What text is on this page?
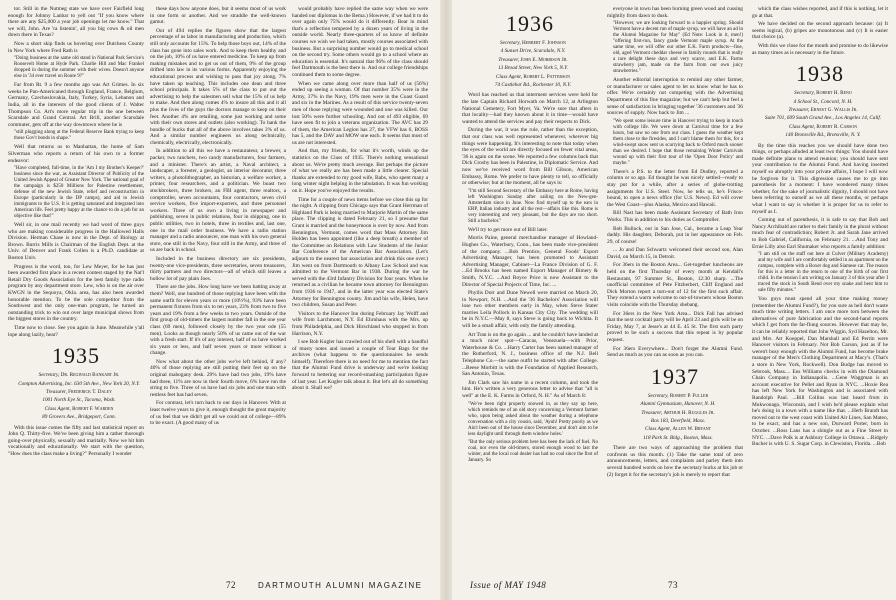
tor. Still in the Nutmeg state we have over Fairfield long enough for Johnny Lanbar to yell out "If you know where there are any $25,000 a year job openings let me know." That we will, John. Are 'ra listenin', all you big cows & oil men down there in Texas?

Now a short skip finds us hovering over Dutchess County in New York where Fred Rath is

"Doing business at the same old stand in National Park Service's Roosevelt Home at Hyde Park. Charlie Hill and Mac Frankel dropped in during the summer with their wives. Doesn't anyone else in '34 ever travel on Route 9?"

Far from Rt. 9 a few months ago was Art Grimes. In six weeks he Pan-Americaned through England, France, Belgium, Germany, Czechoslovakia, Italy, Turkey, Syria, Lebanon and India, all in the interests of the good clients of J. Walter Thompson Co. Art's more regular trip in the one between Scarsdale and Grand Central. Art Brill, another Scarsdale commuter, gets off at the way downtown where he is

"still plugging along at the Federal Reserve Bank trying to keep those Gov't bonds in shape."

Well that returns us to Manhattan, the home of Sam Silverman who reports a return of his own to a former endeavor:

"Have completed, full-time, in the 'Am I my Brother's Keeper?' business since the war, as Assistant Director of Publicity of the United Jewish Appeal of Greater New York. The national goal of the campaign is $250 Millions for Palestine resettlement, defense of the new Jewish State, relief and reconstruction in Europe (particularly in the DP camps), and aid to Jewish immigrants to the U.S. It is getting saturated and integrated into American life. Feel pretty happy at the chance to do a job for an objective like that!"

Well sir, in one mail recently we had word of three guys who are making considerable progress in the Hallowed Halls Division. Herman Chase is now in the Dept. of Biology at Brown. Burris Mills is Chairman of the English Dept. at the Univ. of Denver and Frank Collen is a Ph.D. candidate at Boston Univ.

Progress is the word, too, for Lew Meyer, for he has just been awarded first place in a recent contest staged by the Nat'l Retail Dry Goods Association for the best family type radio program by any department store. Lew, who is on the air over KWGN in the Sequoya, Okla. area, has also been awarded honorable mention. To be the sole competitor from the Southwest and the only one-man program, he turned an outstanding trick to win out over large municipal shows from the biggest stores in the country.

Time now to close. See you again in June. Meanwhile y'all lope along lazily, hear?

1935

Secretary, Dr. Reginald Bankart Jr.

Compton Advertising, Inc. 630 5th Ave., New York 20, N.Y.

Treasurer, Frederick T. Daley

1001 North Eye St., Tacoma, Wash.

Class Agent, Robert F. Warden

89 Grovers Ave., Bridgeport, Conn.

With this issue comes the fifty and last statistical report on John Q. Thirty-five. We've been giving him a rather thorough going-over physically, sexually and maritally. Now we hit him vocationally and educationally. We start with the question, "How does the class make a living?" Personally I wonder

these days how anyone does, but it seems most of us work in one form or another. And we straddle the well-known gamut.

Out of 494 replies the figures show that the largest percentage of us labor in manufacturing and production, which still only accounts for 15%. To help those boys out, 14% of the class has gone into sales work. And to keep them healthy and on the job, 10% of us have entered medicine. To keep up from making mistakes and to get us out of them, 9% of the group drifted into law in its various forms. Apparently enjoying the educational process and wishing to pass that joy along, 7% have taken up teaching. This includes one dean and three school principals. It takes 5% of the class to put out the advertising to help the salesmen sell what the 15% of us help to make. And then along comes 4% to insure all this and it all plus the lives of the guys the doctors manage to keep on their feet. Another 4% are retailing, some just working and some with their own stores and outlets (also working). To bank the bundle of bucks that all of the above involves takes 3% of us. And a similar number engineers us along technically, chemically, electrically, electronically.

In addition to all this we have a restaurateur, a brewer, a packer, two ranchers, two candy manufacturers, four farmers, and a minister. There's an artist, a Naval architect, a landscaper, a forester, a geologist, an interior decorator, three writers, a photolithographer, an historian, a welfare worker, a printer, four researchers, and a politician. We boast two stockbrokers, three brokers, an FBI agent, three realtors, a comptroller, seven accountants, four contractors, seven civil service workers, five import-exporters, and three personnel workers. Three of us own a living in newspaper and publishing, seven in public relations, four in shipping, one in public utilities, two in hotels, three in textiles and, last one, one in the mail order business. We have a radio station manager and a radio announcer, one man with his own general store, one still in the Navy, four still in the Army, and three of us are back in school.

Included in the business directory are six presidents, twenty-one vice-presidents, three secretaries, seven treasurers, thirty partners and two directors—all of which still leaves a hollow lot of pay plain Joes.

There are the jobs. How long have we been batting away at them? Well, one hundred of those replying have been with the same outfit for eleven years or more (10½%), 93% have been permanent fixtures from six to ten years, 23% from two to five years and 19% from a few weeks to two years. Outside of the first group of old-timers the largest number fall in the one year class (69 men), followed closely by the two year ode (55 men). Looks as though nearly 50% of us came out of the war with a fresh start. If it's of any interest, half of us have worked six years or less, and half seven years or more without a change.

Now what about the other jobs we've left behind, if any? 40% of those replying are still putting their feet up on the original mahogany desk. 29% have had two jobs, 19% have had three, 11% are now in their fourth move, 6% have run the string to five. Three of us have had six jobs and one man with restless feet has had seven.

For contrast, let's turn back to our days in Hanover. With at least twelve years to give it, enough thought the great majority of us feel that we didn't get all we could out of college—89% to be exact. (A good many of us

would probably have replied the same way when we were handed our diplomas in the Bema.) However, if we had it to do over again only 75% would do it differently. Bear in mind that's a reflection tempered by a dozen years of living in the outside world. Nearly three-quarters of us know of definite courses we wish we had taken, mostly courses associated with business. But a surprising number would go to medical school on the second try. Some others would go to a school where an education is essential. It's natural that 96% of the class should feel Dartmouth is the best there is. And our college friendships continued them to some degree.

When we came along over more than half of us (56%) ended up seeing a woman. Of that number 35% were in the Army, 37% in the Navy, 19% men were in the Coast Guard and six in the Marines. As a result of this service twenty-seven men of those replying were wounded and one was killed. Our lost 50% were further schooling. And out of 493 eligible, 69 have seen fit to join a veterans organization. The AVC has 29 of them, the American Legion has 27, the VFW has 6, BOSS has 5, and the DAV and MOW one each. It seems that most of us are not interested.

And that, my friends, for what it's worth, winds up the statistics on the Class of 1935. There's nothing sensational about us. We're pretty much average. But perhaps the picture of what we really are has been made a little clearer. Special thanks are extended to my good wife, Babs, who spent many a long winter night helping in the tabulation. It was fun working on it. Hope you've enjoyed the results.

Time for a couple of news items before we close this up for the night. A clipping from Chicago says that Grant Herrman of Highland Park is being married to Marjorie Martin of the same place. The clipping is dated February 21, so I presume that Grant is married and the honeymoon is over by now. And from Bennington, Vermont, comes word that Mass Attorney Jim Holden has been appointed (like a deep breath) a member of the Committee on Relations with Law Students of the Junior Bar Conference of the American Bar Association. (Let's adjourn to the nearest bar association and drink this one over.) Jim went on from Dartmouth to Albany Law School and was admitted to the Vermont Bar in 1938. During the war he served with the 43rd Infantry Division for four years. When he returned as a civilian he became town attorney for Bennington from 1936 to 1947, and in the latter year was elected State's Attorney for Bennington county. Jim and his wife, Helen, have two children, Susan and Peter.

Visitors to the Hanover Inn during February Jay Wolff and wife from Larchmont, N.Y. Ed Ehrnhaus with the Mrs. up from Philadelphia, and Dick Hirschland who stopped in from Harrison, N.Y.

I see Bob Kugler has crawled out of his shell with a handful of musty notes and issued a couple of Tear Bags for the archives (what happens to the questionnaires he sends himself). Therefore there is no need for me to mention the fact that the Alumni Fund drive is underway and we're looking forward to bettering our record-smashing participation figure of last year. Let Kugler talk about it. But let's all do something about it. Shall we?

72	DARTMOUTH ALUMNI MAGAZINE
1936

Secretary, Herbert F. Johnson

4 Sunset Drive, Scarsdale, N.Y.

Treasurer, John E. Morrison Jr.

13 Broad Street, New York 5, N.Y.

Class Agent, Robert L. Patterson

74 Castlebar Rd., Rochester 10, N.Y.

Word has reached us that interment services were held for the late Captain Richard Horwath on March 12, at Arlington National Cemetery, Fort Myer, Va. We're sure that afters in that locality—had they known about it in time—would have wanted to attend the services and pay their respects to Dick.

During the war, it was the rule, rather than the exception, that our class was well represented whenever, wherever big things were happening. It's interesting to note that today when the eyes of the world are directly focused on fewer vital areas, '36 is again on the scene. We reported a few columns back that Dick Crosby has been in Palestine, in Diplomatic Service. And now we've received word from Bill Gibson, American Embassy, Rome. We prefer to have plenty to tell, so officially or otherwise; but at the moment, all he says is:

"I'm still Second Secretary of the Embassy here at Rome, having left Washington Sunday after sailing on the New-gen-Amsterdam since in June. Now find myself up to the ears in ERP, Italian industry and all the rest—affairs like this. Rome is very interesting and very pleasant, but the days are too short. Still a bachelor."

We'll try to get more out of Bill later.

Morris Paine, general merchandise manager of Howland-Hughes Co., Waterbury, Conn., has been made vice-president of the company. ...Bob Prentice, General Foods' Export Advertising Manager, has been promoted to Assistant Advertising Manager, Cabinet—La France Division of G. F. ...Ed Brooks has been named Export Manager of Bimery & Smith, N.Y.C. ...And Royce Price is now Assistant to the Director of Special Projects of Time, Inc. ...

Phyllis Dorr and Dune Newell were married on March 20, in Newport, N.H. ...And the '36 Bachelors' Association will lose two other members early in May, when Steve Stater marries Leila Pollock in Kansas City City. The wedding will be in N.Y.C.—May 8, says Steve is going back to Wichita. It will be a small affair, with only the family attending.

Art Tran is on the go again ... and he couldn't have landed at a much nicer spot—Caracas, Venezuela—with Prior, Waterhouse & Co. ...Harry Carter has been named manager of the Rutherford, N. J., business office of the N.J. Bell Telephone Co.—the same outfit he started with after College. ...Reese Morbitt is with the Foundation of Applied Research, San Antonio, Texas.

Jim Clark saw his name in a recent column, and took the hint. He's written a very generous letter to advise that "all is well" at the E. K. Farms in Orford, N. H." As of March 8:

"We've been right properly snowed in, as they say up here, which reminds me of an old story concerning a Vermont farmer who, upon being asked about the weather during a telephone conversation with a city cousin, said, 'Ayuh! Pretty poorly as we Ain't been out of the house since December, and don't aim to be less daylight until through them window holes.'

"But the only serious problem here has been the lack of fuel. No coal, nor even the old-timers, stored enough wood to last the winter, and the local coal dealer has had no coal since the first of January. So

everyone in town has been burning green wood and cussing mightily from dawn to dusk.

"However, we are looking forward to a happier spring. Should Vermont have a decent run of maple syrup, we will have an ad in the Alumni Magazine for May" (Ed Note: Look in it, men!) "offering first-run, fancy grade Vermont maple syrup. At the same time, we will offer our other E.K. Farm products—fine, old, aged Vermont cheddar cheese in family rounds that is really a rare delight these days and very scarce, and E.K. Farms strawberry jam, made on the farm from our own juicy strawberries."

Another editorial interruption to remind any other farmer, or manufacturer or sales agent to let us know what he has to offer. We're certainly not competing with the Advertising Department of this fine magazine; but we can't help but feel a sense of satisfaction in bringing together '36 customers and '36 sources of supply. Now back to Jim ...

"We spent some leisure time in Hanover trying to keep in touch with college life. We were down at Carnival time for a few hours, but saw no one from our class. I guess the weather kept them close to the firesides, and I can't blame them for this, for a wind-swept snow sent us scurrying back to Orford much sooner than we desired. I hope that those remaining Winter Carnivals wound up with their first tour of the 'Open Door Policy' and maybe."

There's a P.S. to the letter from Ed Dudley, reported a column or so ago. Ed thought he was nicely settled—ready to stay put for a while, after a series of globe-trotting assignments for U.S. Steel. Now, he tells us, he's Frisco-bound, to open a news office (for U.S. News). Ed will cover the West Coast—plus Alaska, Mexico and Hawaii.

Bill Nast has been made Assistant Secretary of Bath Iron Works. This in addition to his duties as Comptroller.

Bob Bullock, out in San Jose, Cal., became a Leap Year daddy. His daughter, Deborah, put in her appearance on Feb. 29, of course!

... Jo and Dan Schwartz welcomed their second son, Alan David, on March 15, in Detroit.

For 36ers in the Boston Area... Get-together luncheons are held on the first Thursday of every month at Kendall's Restaurant, 97 Summer St., Boston, 12:30 sharp. ...The unofficial committee of Pete Fitzherbert, Cliff England and Dick Morton report a turn-out of 12 for the first such affair. They extend a warm welcome to out-of-towners whose Boston visits coincide with the Thursday shebang.

For 36ers in the New York Area... Dick Fall has advised that the next cocktail party will be April 23 and girls will be on Friday, May 7, at Jesse's at 44 E. 45 St. The first such party proved to be such a success that this repeat is by popular request.

For 36ers Everywhere... Don't forget the Alumni Fund. Send as much as you can as soon as you can.

1937

Secretary, Robert P. Fuller

Alumni Gymnasium, Hanover, N. H.

Treasurer, Arthur H. Ruggles Jr.

Box 183, Deerfield, Mass.

Class Agent, Allen W. Bryant

118 Park St. Bldg., Boston, Mass.

There are two ways of approaching the problem that confronts us this month. (1) Take the same total of zero announcements, letters, and complaints and parley them into several hundred words on how the secretary bucks at his job or (2) forget it for the secretary's job is merely to report that

which the class wishes reported, and if this is nothing, let it go at that.

We have decided on the second approach because: (a) It seems logical, (b) gripes are monotonous and (c) It is easier that choice (a).

With this we close for the month and promise to do likewise as many times as is necessary in the future.

1938

Secretary, Robert H. Reno

4 School St., Concord, N. H.

Treasurer, Ernest G. Wallis Jr.

Suite 701, 609 South Grand Ave., Los Angeles 14, Calif.

Class Agent, Robert R. Carson

140 Bronxville Rd., Bronxville, N. Y.

By the time this reaches you we should have done two things, or perhaps alluded at least two things: You should have made definite plans to attend reunion; you should have sent your contribution to the Alumni Fund. And having inserted myself so abruptly into your private affairs, I hope I will now be forgiven for it. This digression causes me to go into parenthesis for a moment: I have wondered many times whether, for the sake of journalistic dignity, I should not have been referring to ourself as we all these months, or perhaps what I want to say is whether it is proper for us to refer to myself as I.

Coming out of parenthesis, it is safe to say that Bob and Nancy Archibald are rather to their family in the plural without much fear of contradiction; Robert Jr. and Sarah Jane arrived to Bob Gabriel, California, on February 21. ...And Tony and Ernie Lilly also Earl Shumaker who reports a family addition:

"I am still on the staff out here at Culver (Military Academy) and my wife and I are comfortably settled in an apartment on the campus, complete with a Boxer dog and Siamese cat. The reason for this is a letter in the return to one of the birth of our first child. In the tension I am writing on January 3 of this year after I traced the stock in South Bend over my snake and bent him to sale fifty minutes."

You guys must spend all your time making money (remember the Alumni Fund?), for you sure as hell don't waste much time writing letters. I am once more torn between the alternatives of pure fabrication and the second-hand reports which I get from the far-flung sources. However that may be, it can be reliably reported that John Wiggin, Syd Hazelton, Mr. and Mrs. Art Koeppel, Dan Marshall and Ed Perrin were Hanover visitors in February. Not Bob Carson, just as if he weren't busy enough with the Alumni Fund, has become brake manager of the Men's Clothing Department at Macy's. (That's a store in New York, Rockwell). Don Budge has moved to Sebrook, Mass.... Ens Williams checks in with the Diamond Chain Company in Indianapolis. ...Gene Waggman is an account executive for Pellet and Ryan in NYC. ...Hoxie Rea has left New York for Washington and is associated with Randolph Paul. ...Bill Collins was last heard from in Mukwonago, Wisconsin, and I wish he'd please explain what he's doing in a town with a name like that. ...Herb Brandt has moved out to the west coast with United Air Lines, San Mateo, to be exact, and has a new son, Durward Porter, born in October. ...Ross Lans has a shingle out as a Fine Street in NYC. ...Dave Polk is at Ashbury College in Ottawa. ...Ridgely Bucher is with U. S. Sugar Corp. in Clewiston, Florida. ...Bob

Issue of MAY 1948	73
